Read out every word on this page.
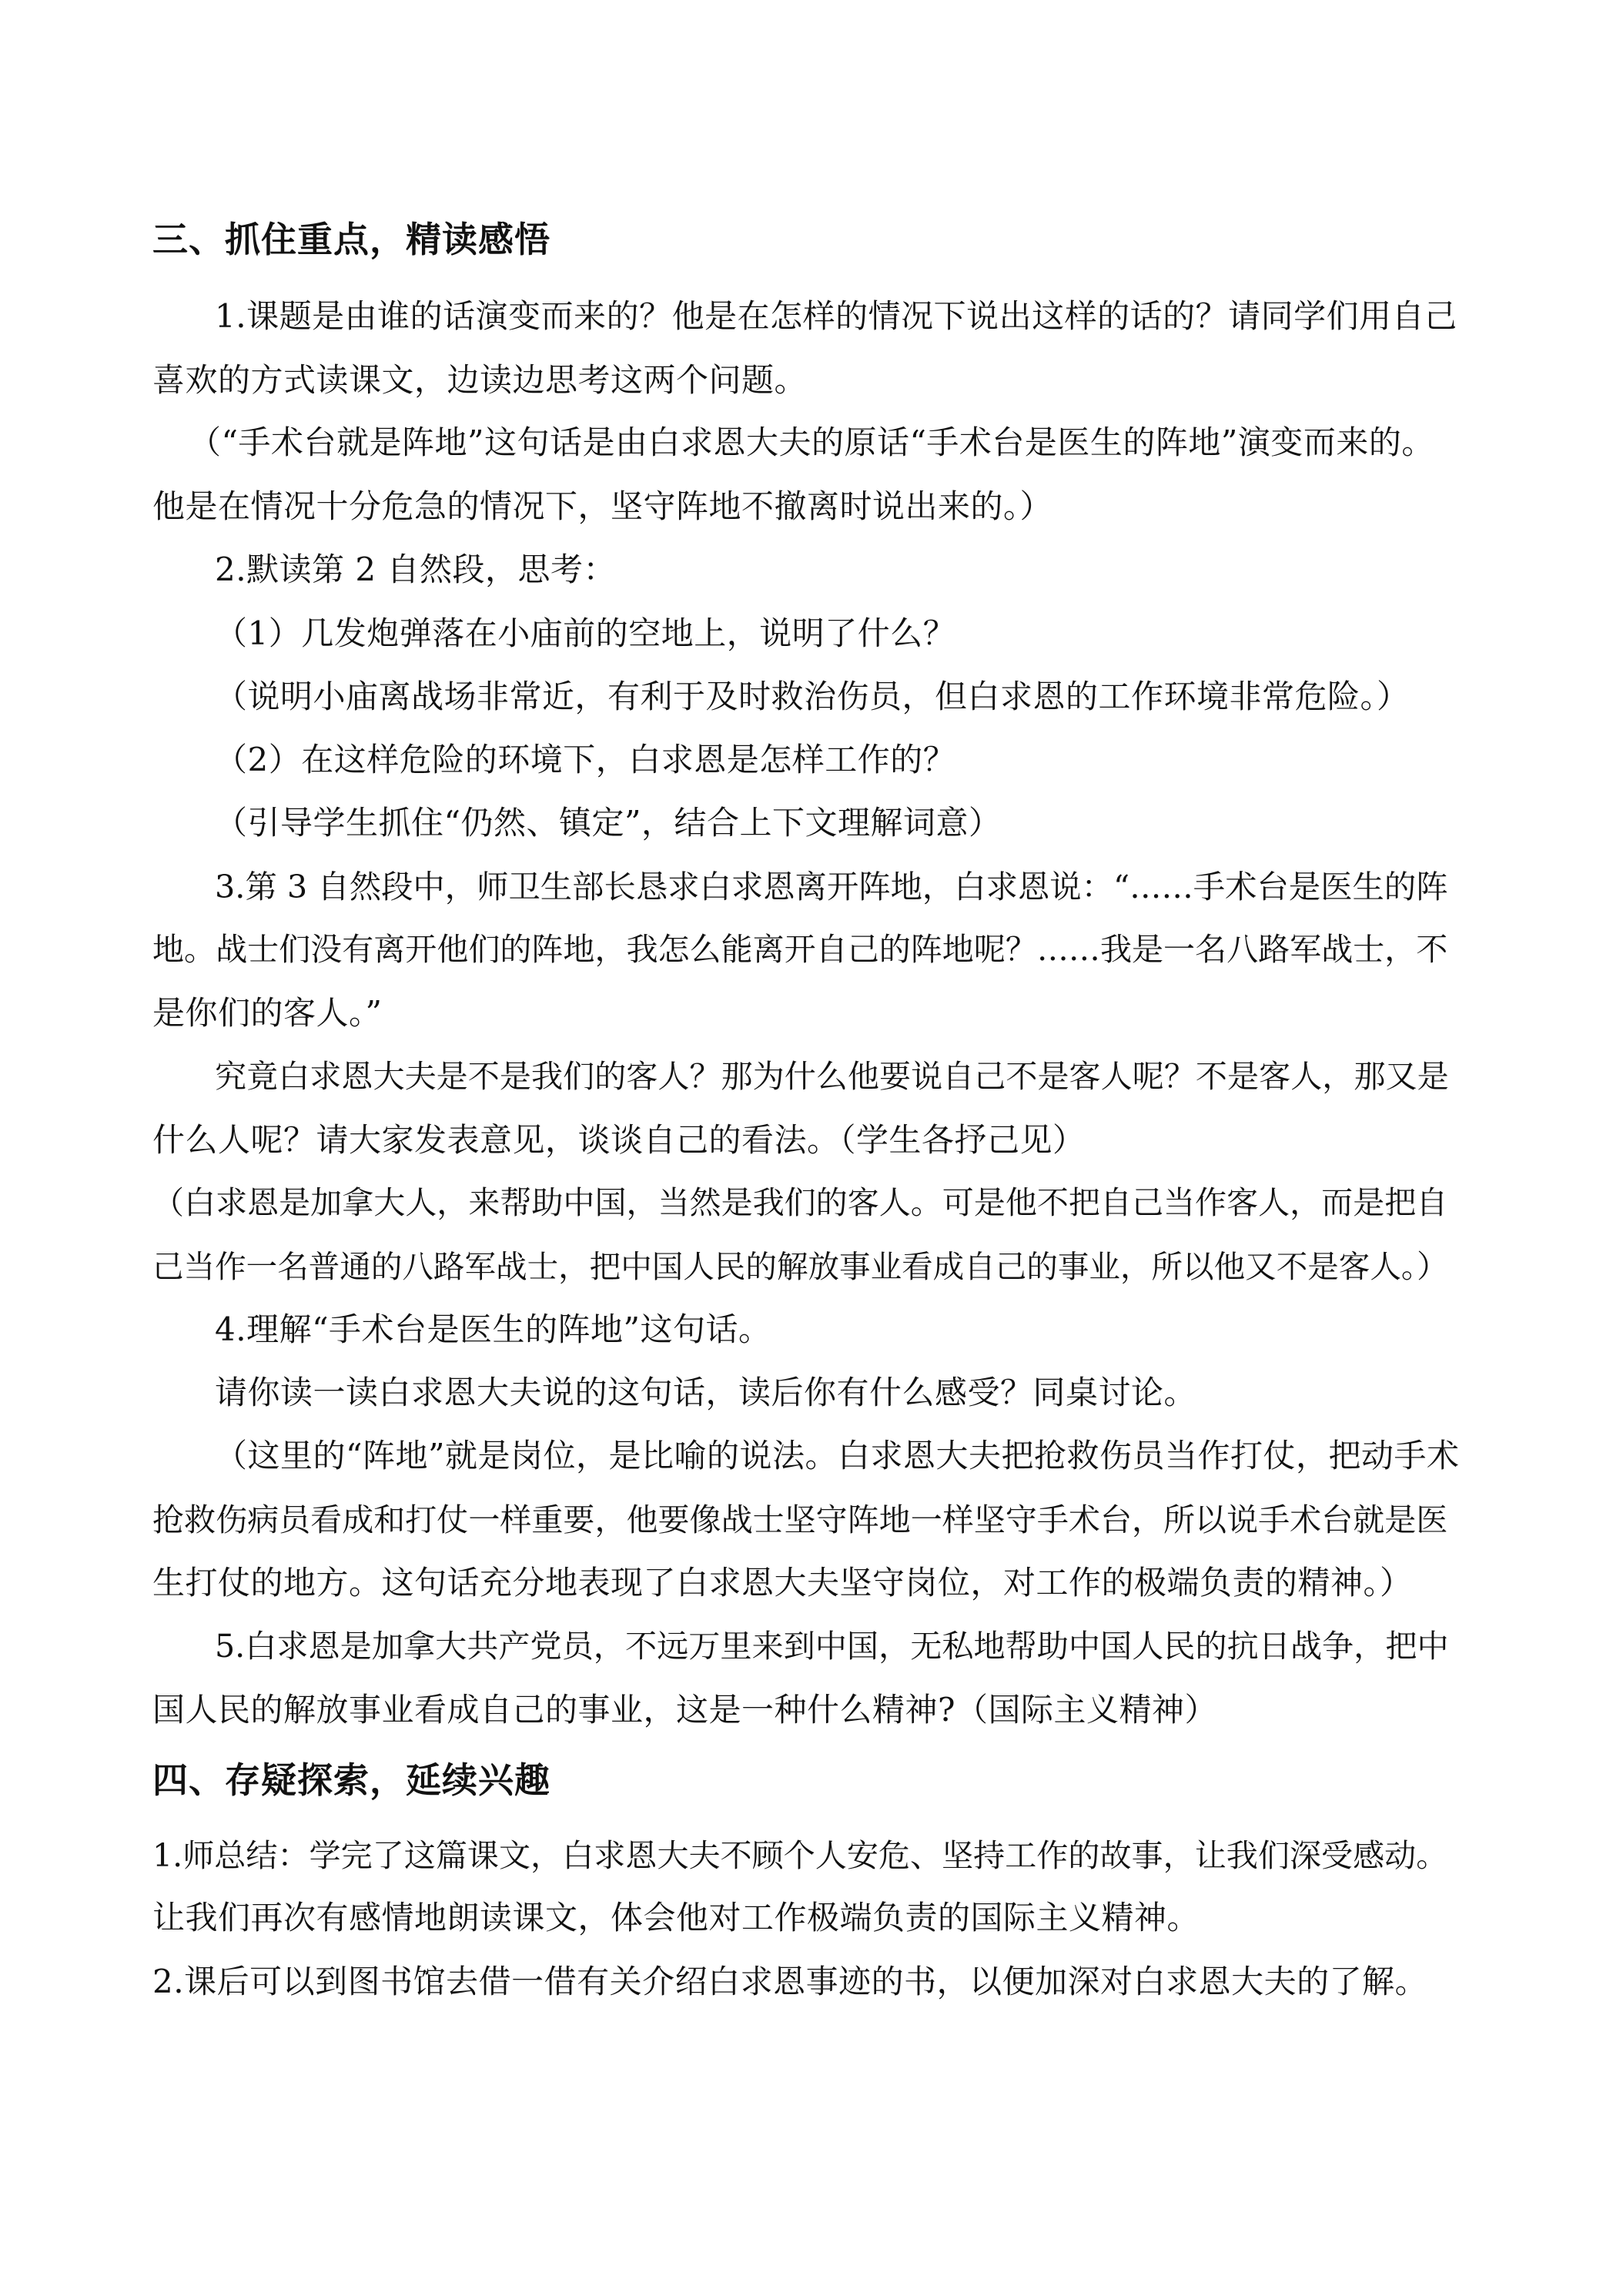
三、抓住重点，精读感悟
1.课题是由谁的话演变而来的？他是在怎样的情况下说出这样的话的？请同学们用自己
喜欢的方式读课文，边读边思考这两个问题。
（“手术台就是阵地”这句话是由白求恩大夫的原话“手术台是医生的阵地”演变而来的。
他是在情况十分危急的情况下，坚守阵地不撤离时说出来的。）
2.默读第 2 自然段，思考：
（1）几发炮弹落在小庙前的空地上，说明了什么？
（说明小庙离战场非常近，有利于及时救治伤员，但白求恩的工作环境非常危险。）
（2）在这样危险的环境下，白求恩是怎样工作的？
（引导学生抓住“仍然、镇定”，结合上下文理解词意）
3.第 3 自然段中，师卫生部长恳求白求恩离开阵地，白求恩说：“……手术台是医生的阵
地。战士们没有离开他们的阵地，我怎么能离开自己的阵地呢？……我是一名八路军战士，不
是你们的客人。”
究竟白求恩大夫是不是我们的客人？那为什么他要说自己不是客人呢？不是客人，那又是
什么人呢？请大家发表意见，谈谈自己的看法。（学生各抒己见）
（白求恩是加拿大人，来帮助中国，当然是我们的客人。可是他不把自己当作客人，而是把自
己当作一名普通的八路军战士，把中国人民的解放事业看成自己的事业，所以他又不是客人。）
4.理解“手术台是医生的阵地”这句话。
请你读一读白求恩大夫说的这句话，读后你有什么感受？同桌讨论。
（这里的“阵地”就是岗位，是比喻的说法。白求恩大夫把抢救伤员当作打仗，把动手术
抢救伤病员看成和打仗一样重要，他要像战士坚守阵地一样坚守手术台，所以说手术台就是医
生打仗的地方。这句话充分地表现了白求恩大夫坚守岗位，对工作的极端负责的精神。）
5.白求恩是加拿大共产党员，不远万里来到中国，无私地帮助中国人民的抗日战争，把中
国人民的解放事业看成自己的事业，这是一种什么精神?（国际主义精神）
四、存疑探索，延续兴趣
1.师总结：学完了这篇课文，白求恩大夫不顾个人安危、坚持工作的故事，让我们深受感动。
让我们再次有感情地朗读课文，体会他对工作极端负责的国际主义精神。
2.课后可以到图书馆去借一借有关介绍白求恩事迹的书，以便加深对白求恩大夫的了解。
